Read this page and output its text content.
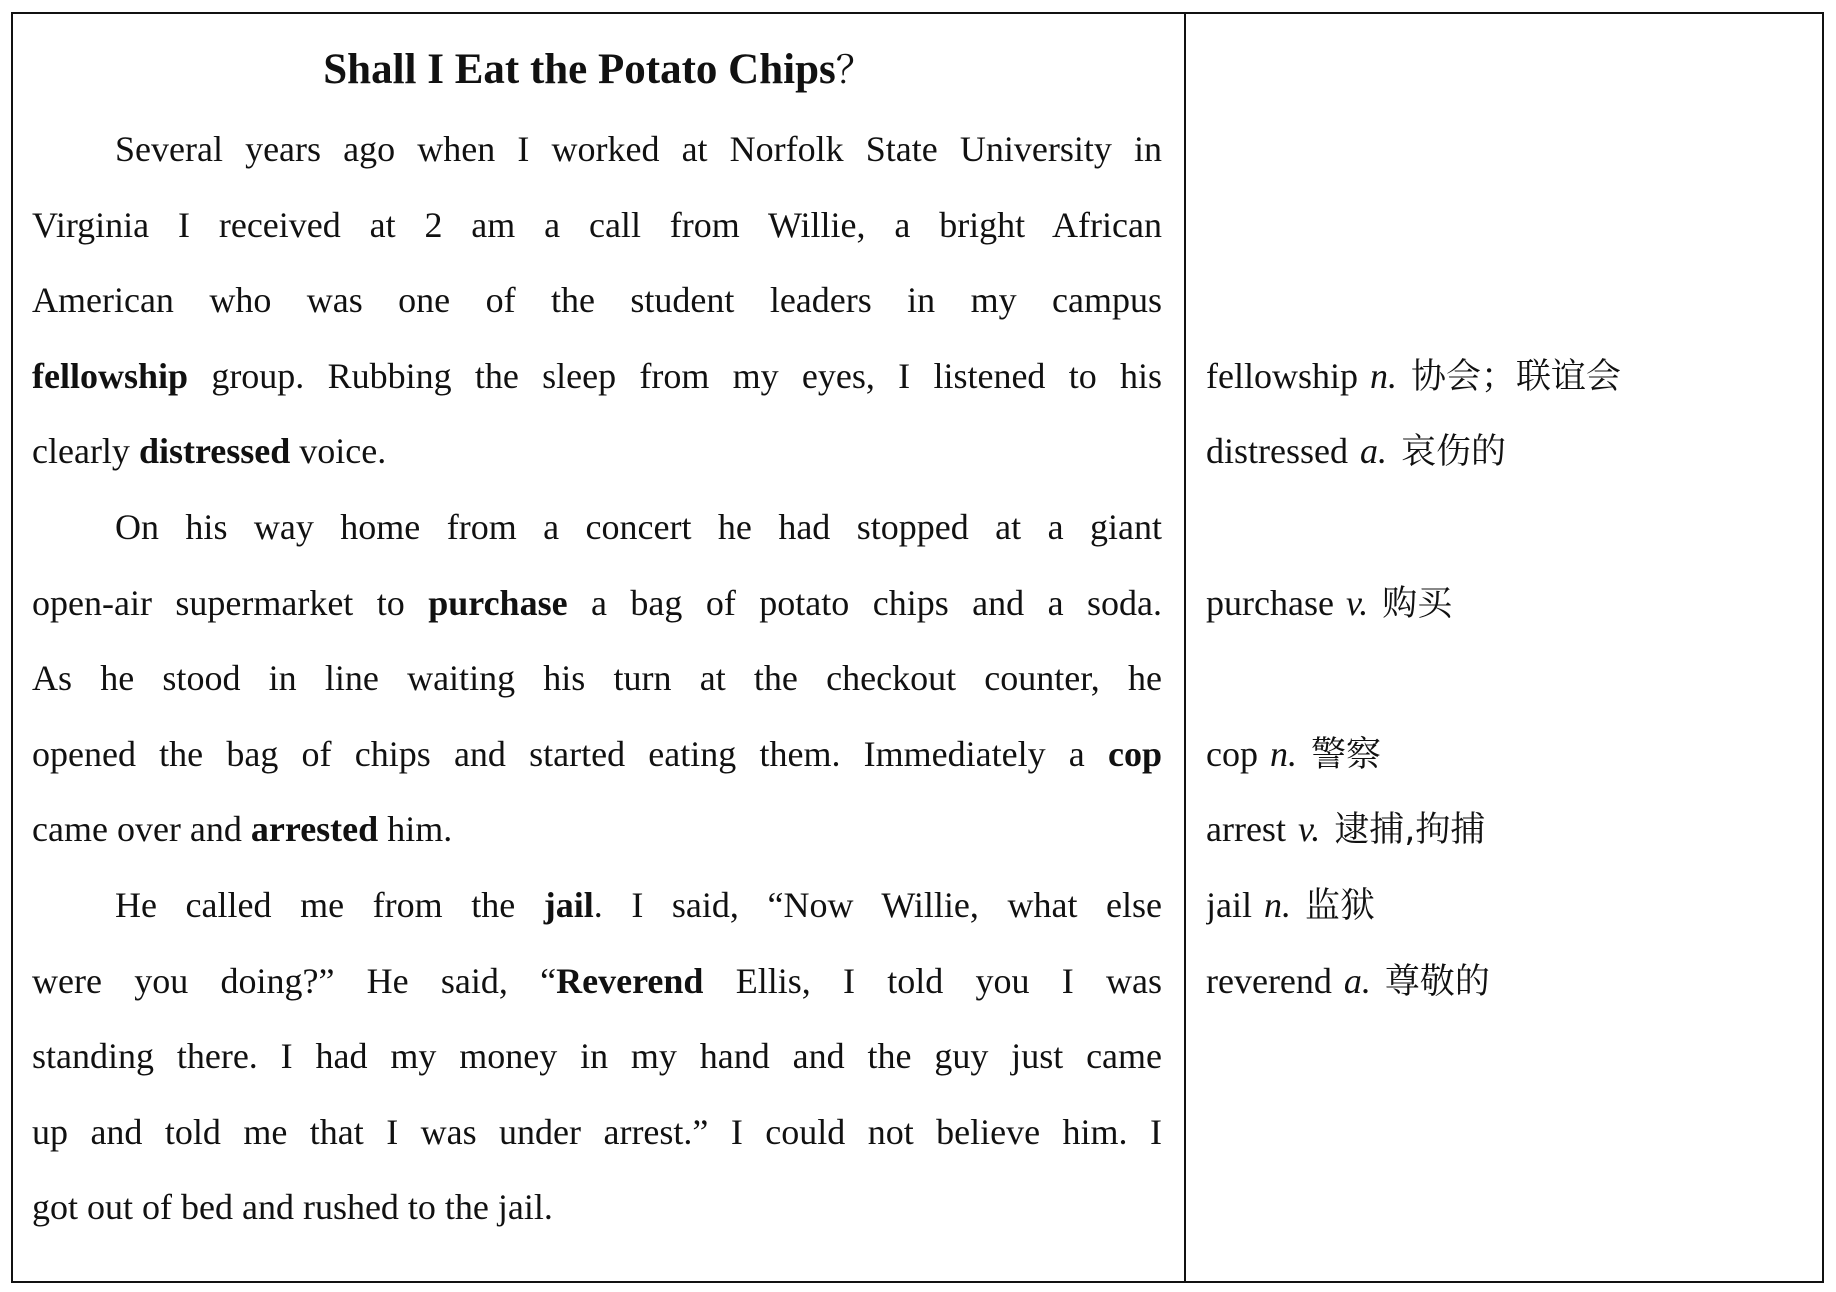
Shall I Eat the Potato Chips？
Several years ago when I worked at Norfolk State University in
Virginia I received at 2 am a call from Willie, a bright African
American who was one of the student leaders in my campus
fellowship group. Rubbing the sleep from my eyes, I listened to his
clearly distressed voice.
On his way home from a concert he had stopped at a giant
open-air supermarket to purchase a bag of potato chips and a soda.
As he stood in line waiting his turn at the checkout counter, he
opened the bag of chips and started eating them. Immediately a cop
came over and arrested him.
He called me from the jail. I said, “Now Willie, what else
were you doing?” He said, “Reverend Ellis, I told you I was
standing there. I had my money in my hand and the guy just came
up and told me that I was under arrest.” I could not believe him. I
got out of bed and rushed to the jail.
fellowship n. 协会；联谊会
distressed a. 哀伤的
purchase v. 购买
cop n. 警察
arrest v. 逮捕,拘捕
jail n. 监狱
reverend a. 尊敬的
